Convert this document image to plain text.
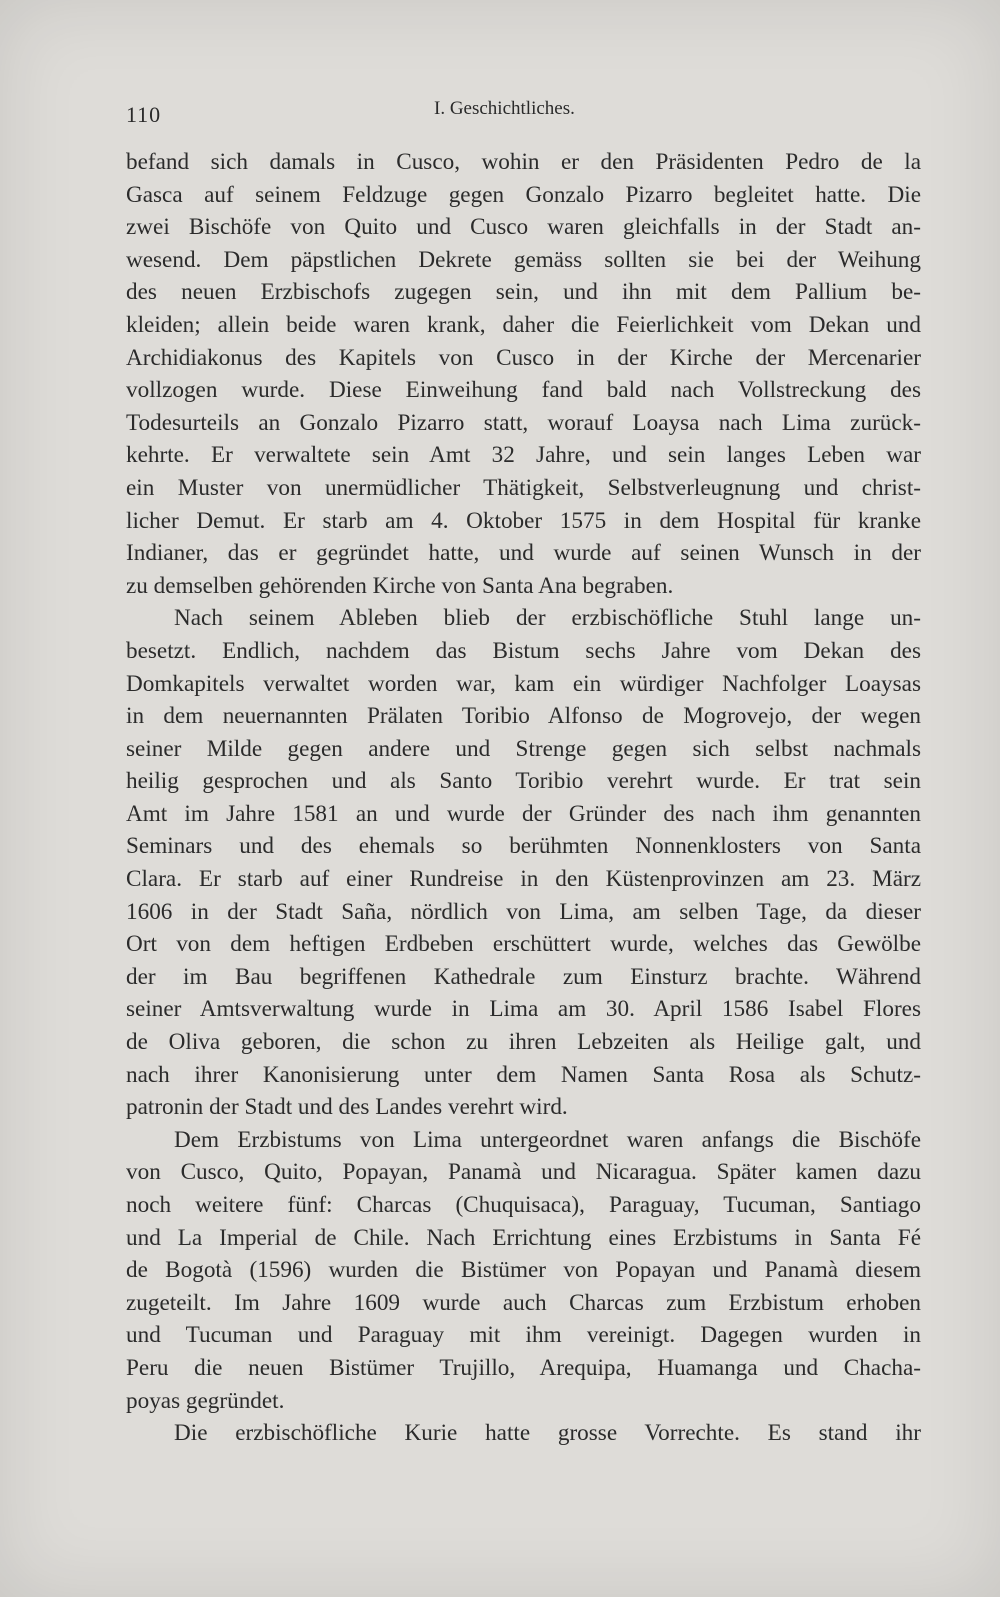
110	I. Geschichtliches.
befand sich damals in Cusco, wohin er den Präsidenten Pedro de la
Gasca auf seinem Feldzuge gegen Gonzalo Pizarro begleitet hatte. Die
zwei Bischöfe von Quito und Cusco waren gleichfalls in der Stadt an-
wesend. Dem päpstlichen Dekrete gemäss sollten sie bei der Weihung
des neuen Erzbischofs zugegen sein, und ihn mit dem Pallium be-
kleiden; allein beide waren krank, daher die Feierlichkeit vom Dekan und
Archidiakonus des Kapitels von Cusco in der Kirche der Mercenarier
vollzogen wurde. Diese Einweihung fand bald nach Vollstreckung des
Todesurteils an Gonzalo Pizarro statt, worauf Loaysa nach Lima zurück-
kehrte. Er verwaltete sein Amt 32 Jahre, und sein langes Leben war
ein Muster von unermüdlicher Thätigkeit, Selbstverleugnung und christ-
licher Demut. Er starb am 4. Oktober 1575 in dem Hospital für kranke
Indianer, das er gegründet hatte, und wurde auf seinen Wunsch in der
zu demselben gehörenden Kirche von Santa Ana begraben.
Nach seinem Ableben blieb der erzbischöfliche Stuhl lange un-
besetzt. Endlich, nachdem das Bistum sechs Jahre vom Dekan des
Domkapitels verwaltet worden war, kam ein würdiger Nachfolger Loaysas
in dem neuernannten Prälaten Toribio Alfonso de Mogrovejo, der wegen
seiner Milde gegen andere und Strenge gegen sich selbst nachmals
heilig gesprochen und als Santo Toribio verehrt wurde. Er trat sein
Amt im Jahre 1581 an und wurde der Gründer des nach ihm genannten
Seminars und des ehemals so berühmten Nonnenklosters von Santa
Clara. Er starb auf einer Rundreise in den Küstenprovinzen am 23. März
1606 in der Stadt Saña, nördlich von Lima, am selben Tage, da dieser
Ort von dem heftigen Erdbeben erschüttert wurde, welches das Gewölbe
der im Bau begriffenen Kathedrale zum Einsturz brachte. Während
seiner Amtsverwaltung wurde in Lima am 30. April 1586 Isabel Flores
de Oliva geboren, die schon zu ihren Lebzeiten als Heilige galt, und
nach ihrer Kanonisierung unter dem Namen Santa Rosa als Schutz-
patronin der Stadt und des Landes verehrt wird.
Dem Erzbistums von Lima untergeordnet waren anfangs die Bischöfe
von Cusco, Quito, Popayan, Panamà und Nicaragua. Später kamen dazu
noch weitere fünf: Charcas (Chuquisaca), Paraguay, Tucuman, Santiago
und La Imperial de Chile. Nach Errichtung eines Erzbistums in Santa Fé
de Bogotà (1596) wurden die Bistümer von Popayan und Panamà diesem
zugeteilt. Im Jahre 1609 wurde auch Charcas zum Erzbistum erhoben
und Tucuman und Paraguay mit ihm vereinigt. Dagegen wurden in
Peru die neuen Bistümer Trujillo, Arequipa, Huamanga und Chacha-
poyas gegründet.
Die erzbischöfliche Kurie hatte grosse Vorrechte. Es stand ihr
